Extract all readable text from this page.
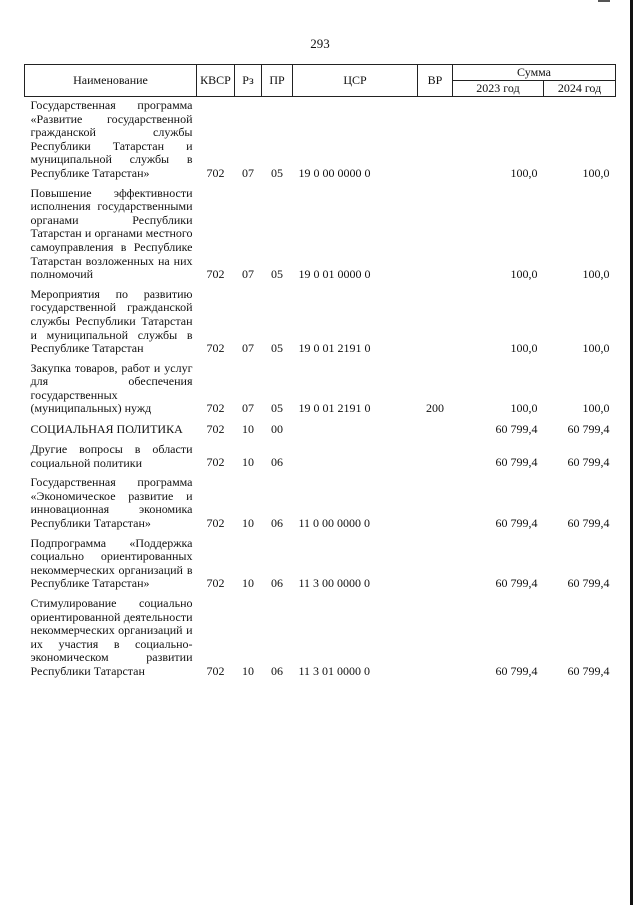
293
Наименование	КВСР	Рз	ПР	ЦСР	ВР	Сумма	
						2023 год	2024 год
Государственная программа «Развитие государственной гражданской службы Республики Татарстан и муниципальной службы в Республике Татарстан»	702	07	05	19 0 00 0000 0		100,0	100,0
Повышение эффективности исполнения государственными органами Республики Татарстан и органами местного самоуправления в Республике Татарстан возложенных на них полномочий	702	07	05	19 0 01 0000 0		100,0	100,0
Мероприятия по развитию государственной гражданской службы Республики Татарстан и муниципальной службы в Республике Татарстан	702	07	05	19 0 01 2191 0		100,0	100,0
Закупка товаров, работ и услуг для обеспечения государственных (муниципальных) нужд	702	07	05	19 0 01 2191 0	200	100,0	100,0
СОЦИАЛЬНАЯ ПОЛИТИКА	702	10	00			60 799,4	60 799,4
Другие вопросы в области социальной политики	702	10	06			60 799,4	60 799,4
Государственная программа «Экономическое развитие и инновационная экономика Республики Татарстан»	702	10	06	11 0 00 0000 0		60 799,4	60 799,4
Подпрограмма «Поддержка социально ориентированных некоммерческих организаций в Республике Татарстан»	702	10	06	11 3 00 0000 0		60 799,4	60 799,4
Стимулирование социально ориентированной деятельности некоммерческих организаций и их участия в социально-экономическом развитии Республики Татарстан	702	10	06	11 3 01 0000 0		60 799,4	60 799,4
